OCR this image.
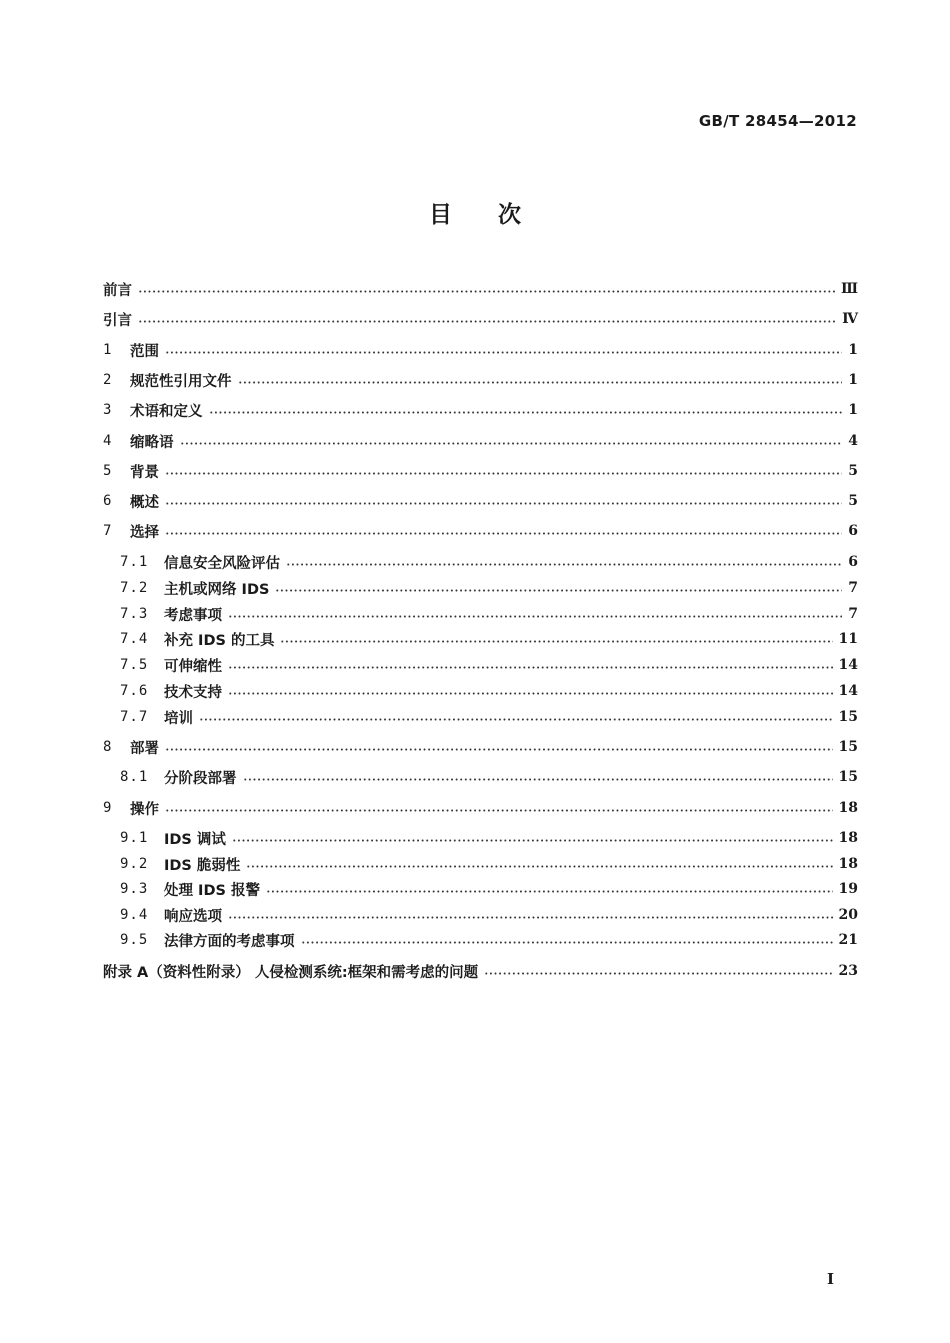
GB/T 28454—2012
目次
前言	Ⅲ
引言	Ⅳ
1	范围	1
2	规范性引用文件	1
3	术语和定义	1
4	缩略语	4
5	背景	5
6	概述	5
7	选择	6
7.1	信息安全风险评估	6
7.2	主机或网络 IDS	7
7.3	考虑事项	7
7.4	补充 IDS 的工具	11
7.5	可伸缩性	14
7.6	技术支持	14
7.7	培训	15
8	部署	15
8.1	分阶段部署	15
9	操作	18
9.1	IDS 调试	18
9.2	IDS 脆弱性	18
9.3	处理 IDS 报警	19
9.4	响应选项	20
9.5	法律方面的考虑事项	21
附录 A（资料性附录） 人侵检测系统:框架和需考虑的问题	23
I
